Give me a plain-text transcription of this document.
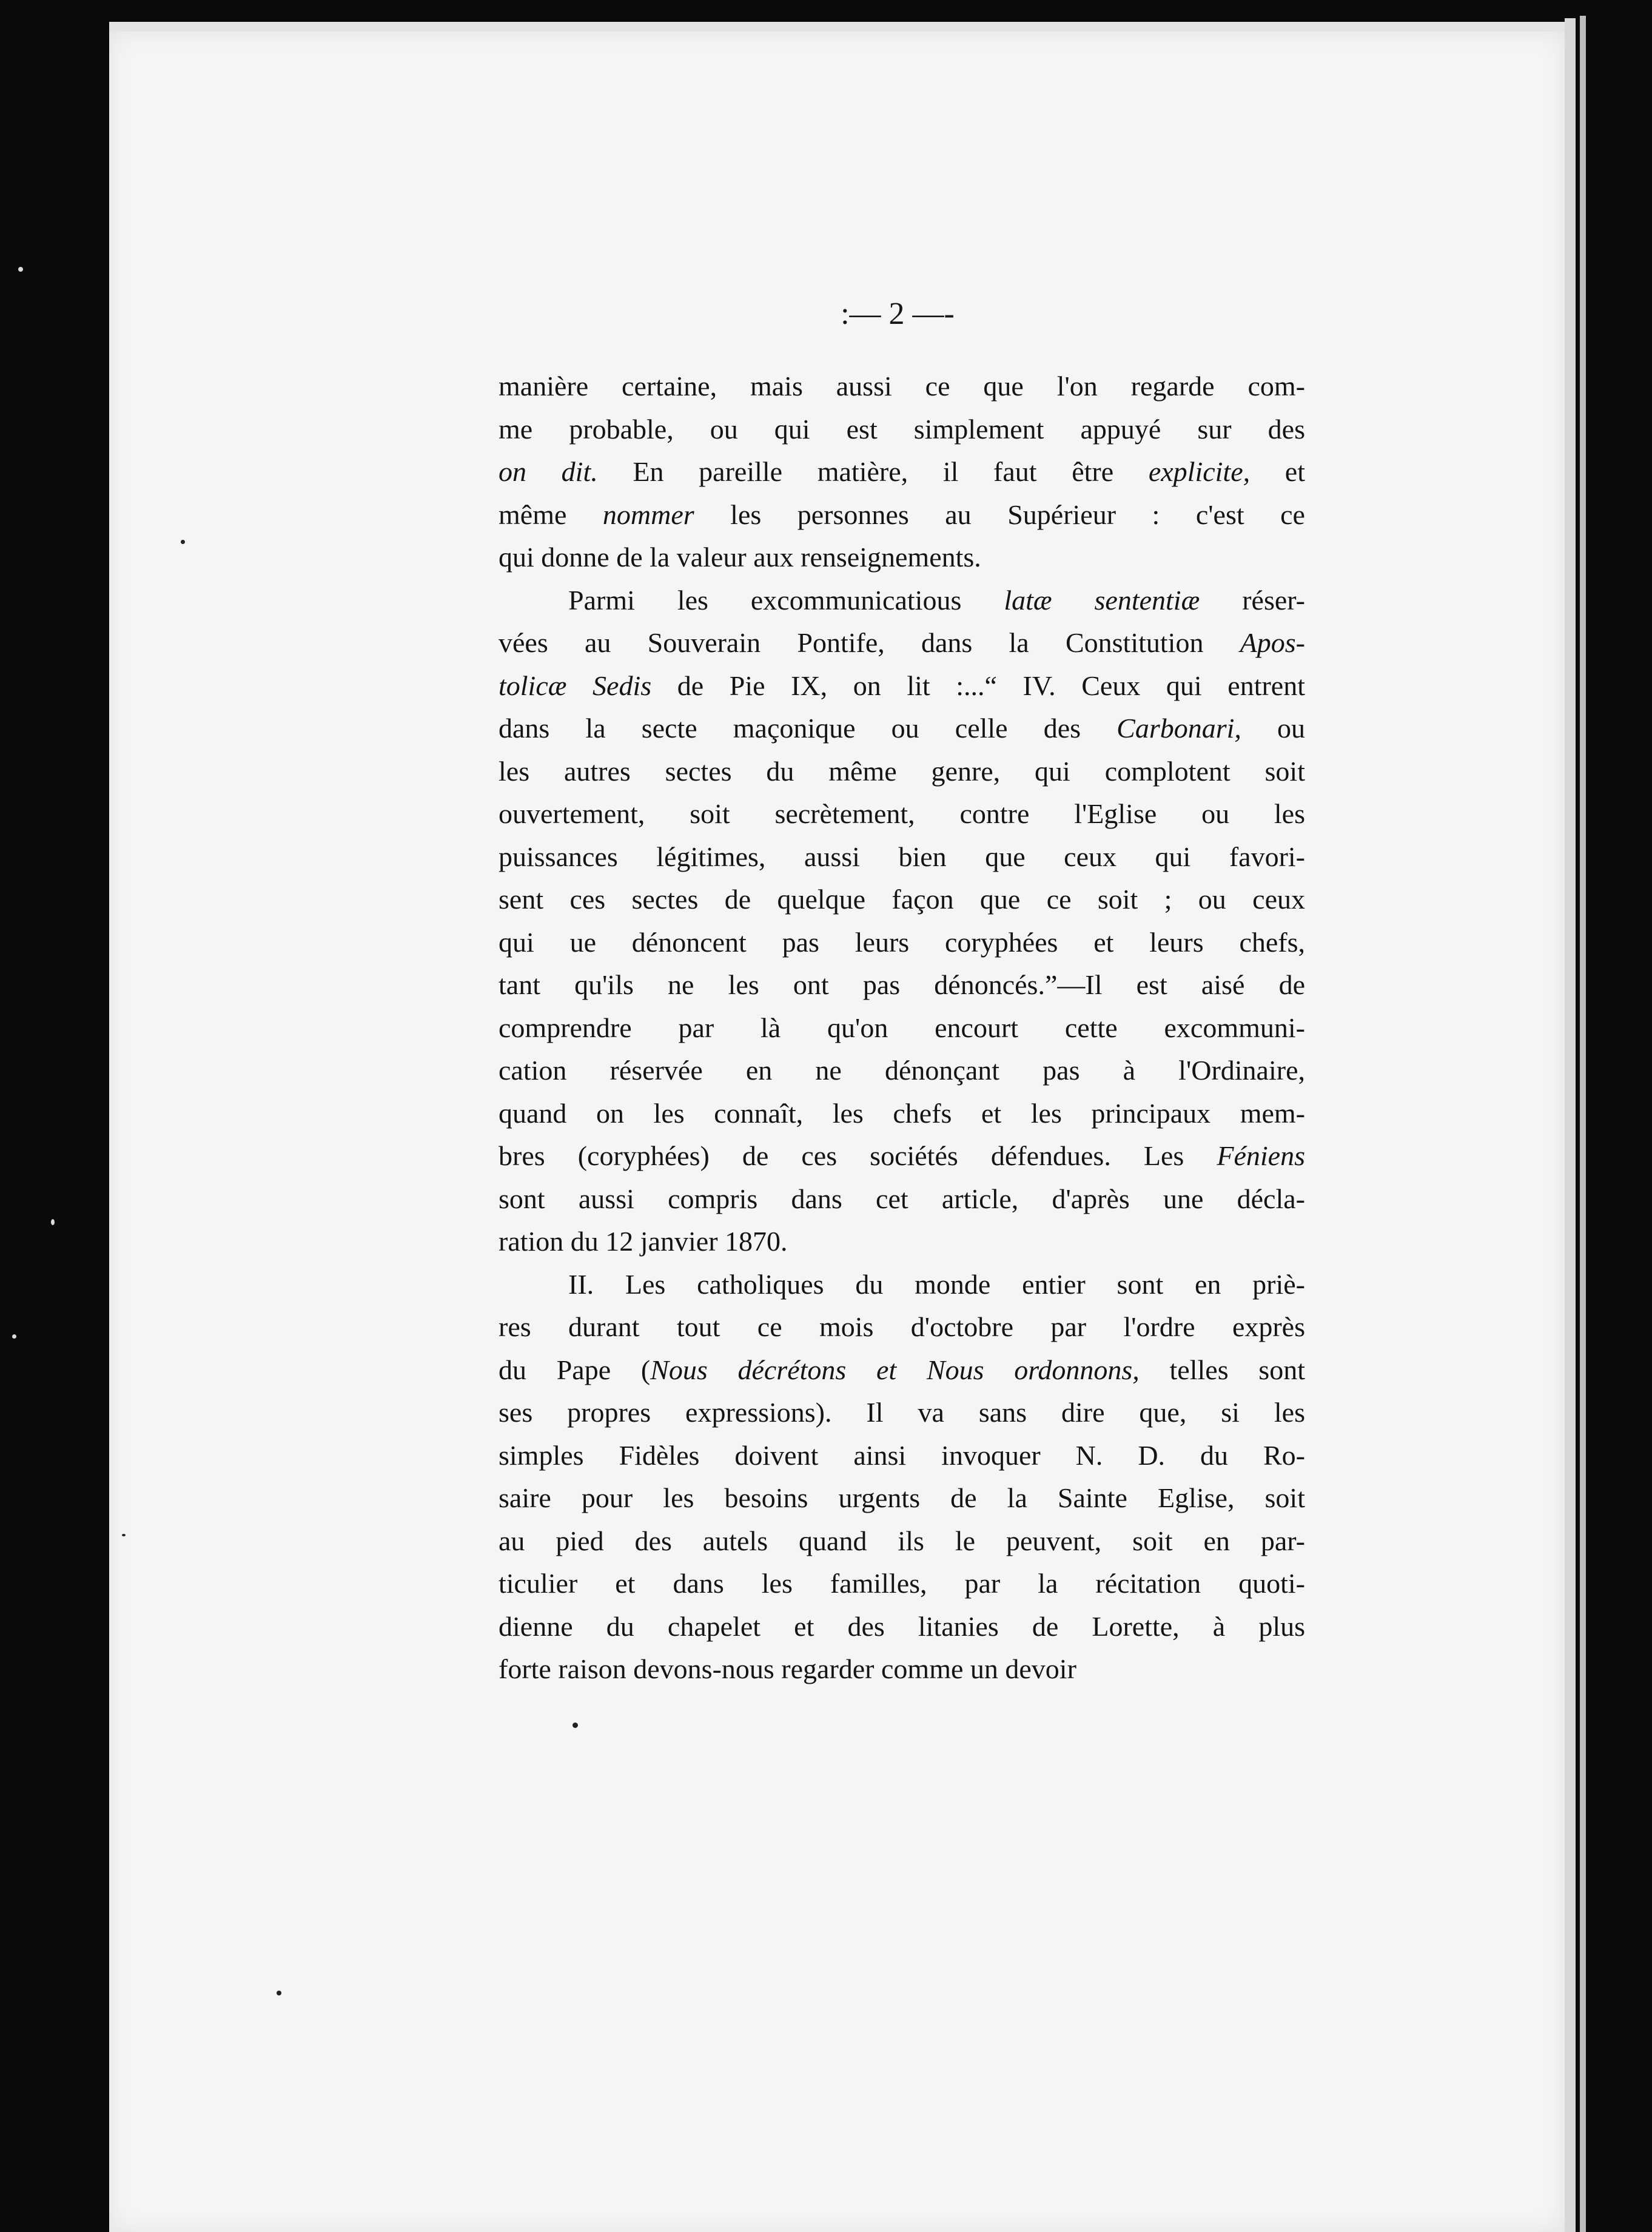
:— 2 —-
manière certaine, mais aussi ce que l'on regarde com-
me probable, ou qui est simplement appuyé sur des
on dit. En pareille matière, il faut être explicite, et
même nommer les personnes au Supérieur : c'est ce
qui donne de la valeur aux renseignements.
Parmi les excommunicatious latæ sententiæ réser-
vées au Souverain Pontife, dans la Constitution Apos-
tolicæ Sedis de Pie IX, on lit :...“ IV. Ceux qui entrent
dans la secte maçonique ou celle des Carbonari, ou
les autres sectes du même genre, qui complotent soit
ouvertement, soit secrètement, contre l'Eglise ou les
puissances légitimes, aussi bien que ceux qui favori-
sent ces sectes de quelque façon que ce soit ; ou ceux
qui ue dénoncent pas leurs coryphées et leurs chefs,
tant qu'ils ne les ont pas dénoncés.”—Il est aisé de
comprendre par là qu'on encourt cette excommuni-
cation réservée en ne dénonçant pas à l'Ordinaire,
quand on les connaît, les chefs et les principaux mem-
bres (coryphées) de ces sociétés défendues. Les Féniens
sont aussi compris dans cet article, d'après une décla-
ration du 12 janvier 1870.
II. Les catholiques du monde entier sont en priè-
res durant tout ce mois d'octobre par l'ordre exprès
du Pape (Nous décrétons et Nous ordonnons, telles sont
ses propres expressions). Il va sans dire que, si les
simples Fidèles doivent ainsi invoquer N. D. du Ro-
saire pour les besoins urgents de la Sainte Eglise, soit
au pied des autels quand ils le peuvent, soit en par-
ticulier et dans les familles, par la récitation quoti-
dienne du chapelet et des litanies de Lorette, à plus
forte raison devons-nous regarder comme un devoir
